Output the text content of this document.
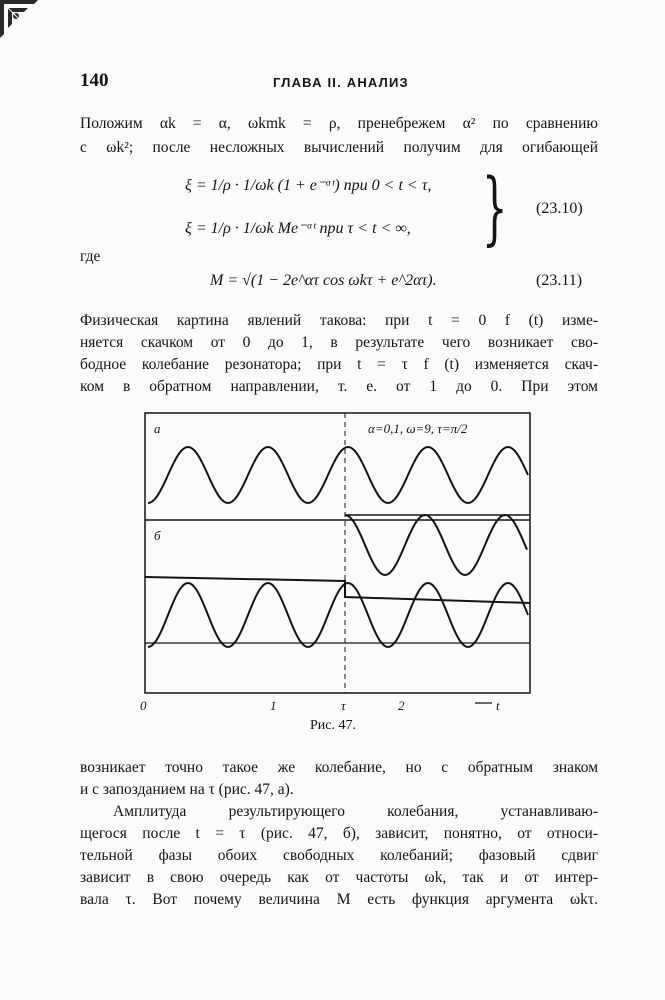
140	ГЛАВА II. АНАЛИЗ
Положим αk = α, ωkmk = ρ, пренебрежем α² по сравнению
с ωk²; после несложных вычислений получим для огибающей
ξ = 1/ρ · 1/ωk (1 + e⁻ᵅᵗ) при 0 < t < τ,
ξ = 1/ρ · 1/ωk Me⁻ᵅᵗ при τ < t < ∞, } (23.10)
где
M = √(1 − 2e^ατ cos ωkτ + e^2ατ).	(23.11)
Физическая картина явлений такова: при t = 0 f (t) изме-
няется скачком от 0 до 1, в результате чего возникает сво-
бодное колебание резонатора; при t = τ f (t) изменяется скач-
ком в обратном направлении, т. е. от 1 до 0. При этом
а
б
α=0,1, ω=9, τ=π/2
0	1	τ	2	t
Рис. 47.
возникает точно такое же колебание, но с обратным знаком
и с запозданием на τ (рис. 47, а).
Амплитуда результирующего колебания, устанавливаю-
щегося после t = τ (рис. 47, б), зависит, понятно, от относи-
тельной фазы обоих свободных колебаний; фазовый сдвиг
зависит в свою очередь как от частоты ωk, так и от интер-
вала τ. Вот почему величина M есть функция аргумента ωkτ.
